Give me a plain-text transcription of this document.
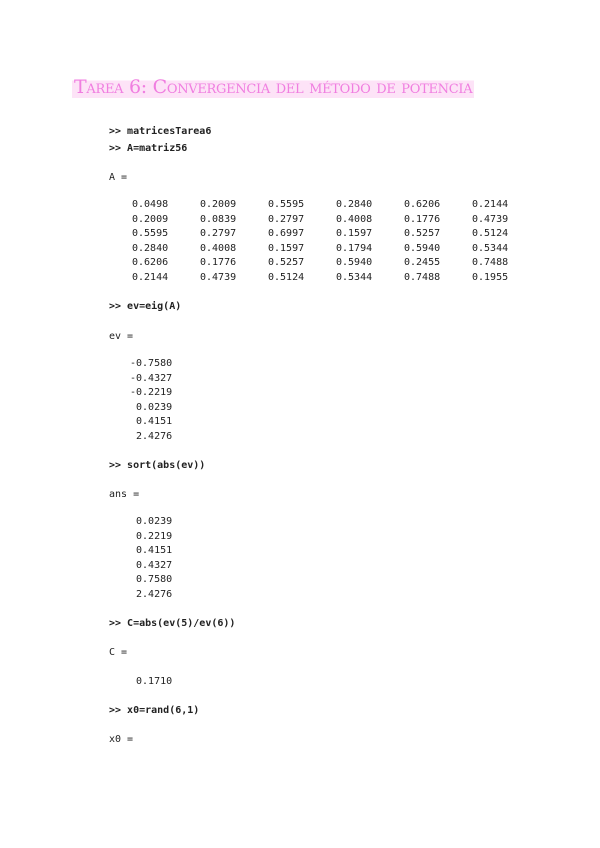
Tarea 6: Convergencia del método de potencia
>> matricesTarea6
>> A=matriz56
A =
0.0498	0.2009	0.5595	0.2840	0.6206	0.2144
0.2009	0.0839	0.2797	0.4008	0.1776	0.4739
0.5595	0.2797	0.6997	0.1597	0.5257	0.5124
0.2840	0.4008	0.1597	0.1794	0.5940	0.5344
0.6206	0.1776	0.5257	0.5940	0.2455	0.7488
0.2144	0.4739	0.5124	0.5344	0.7488	0.1955
>> ev=eig(A)
ev =
-0.7580
-0.4327
-0.2219
0.0239
0.4151
2.4276
>> sort(abs(ev))
ans =
0.0239
0.2219
0.4151
0.4327
0.7580
2.4276
>> C=abs(ev(5)/ev(6))
C =
0.1710
>> x0=rand(6,1)
x0 =
